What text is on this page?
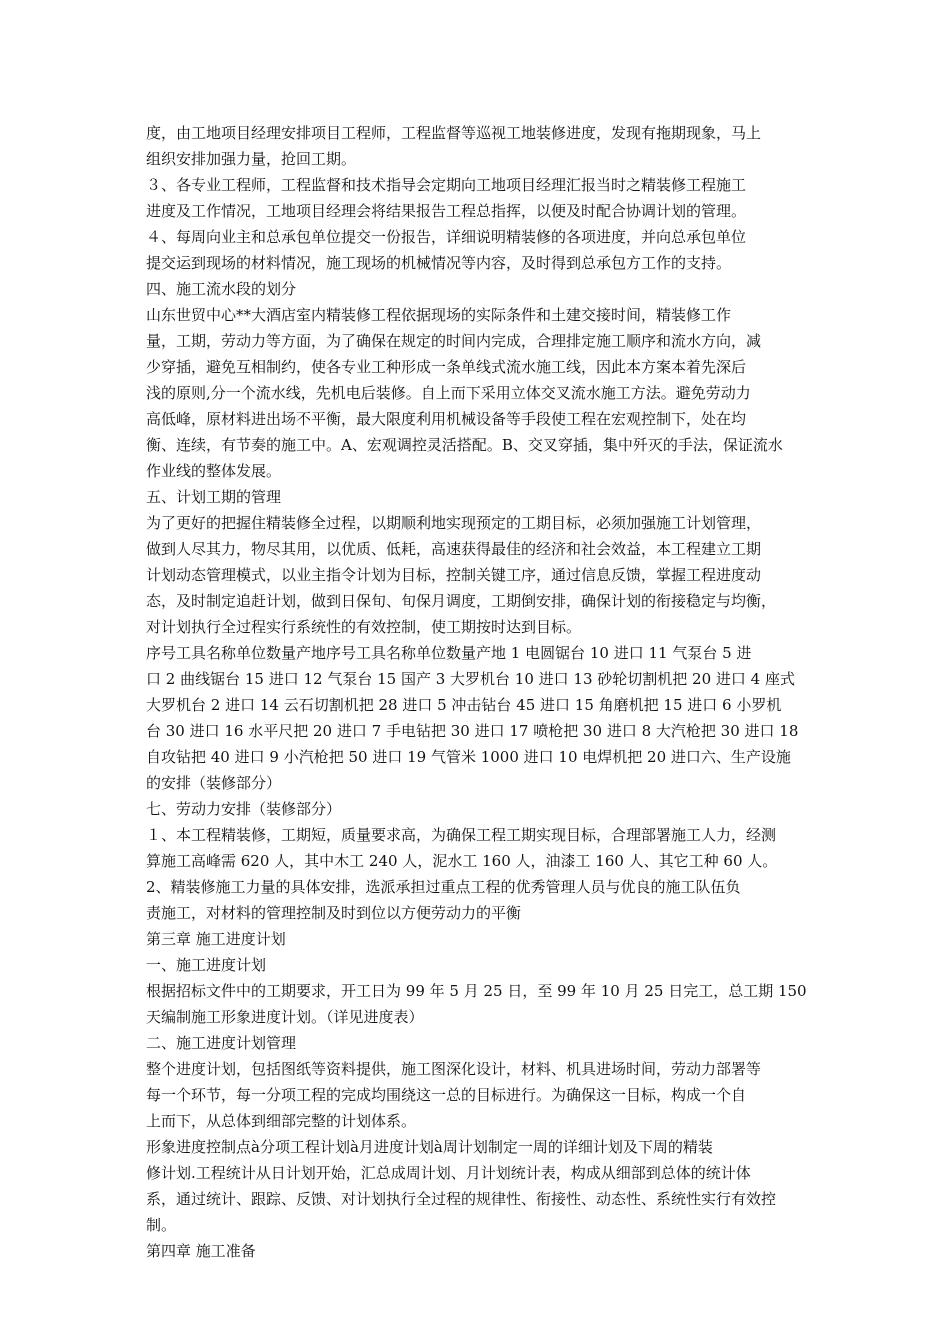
度，由工地项目经理安排项目工程师，工程监督等巡视工地装修进度，发现有拖期现象，马上
组织安排加强力量，抢回工期。
３、各专业工程师，工程监督和技术指导会定期向工地项目经理汇报当时之精装修工程施工
进度及工作情况，工地项目经理会将结果报告工程总指挥，以便及时配合协调计划的管理。
４、每周向业主和总承包单位提交一份报告，详细说明精装修的各项进度，并向总承包单位
提交运到现场的材料情况，施工现场的机械情况等内容，及时得到总承包方工作的支持。
四、施工流水段的划分
山东世贸中心**大酒店室内精装修工程依据现场的实际条件和土建交接时间，精装修工作
量，工期，劳动力等方面，为了确保在规定的时间内完成，合理排定施工顺序和流水方向，减
少穿插，避免互相制约，使各专业工种形成一条单线式流水施工线，因此本方案本着先深后
浅的原则,分一个流水线，先机电后装修。自上而下采用立体交叉流水施工方法。避免劳动力
高低峰，原材料进出场不平衡，最大限度利用机械设备等手段使工程在宏观控制下，处在均
衡、连续，有节奏的施工中。A、宏观调控灵活搭配。B、交叉穿插，集中歼灭的手法，保证流水
作业线的整体发展。
五、计划工期的管理
为了更好的把握住精装修全过程，以期顺利地实现预定的工期目标，必须加强施工计划管理，
做到人尽其力，物尽其用，以优质、低耗，高速获得最佳的经济和社会效益，本工程建立工期
计划动态管理模式，以业主指令计划为目标，控制关键工序，通过信息反馈，掌握工程进度动
态，及时制定追赶计划，做到日保旬、旬保月调度，工期倒安排，确保计划的衔接稳定与均衡，
对计划执行全过程实行系统性的有效控制，使工期按时达到目标。
序号工具名称单位数量产地序号工具名称单位数量产地 1 电圆锯台 10 进口 11 气泵台 5 进
口 2 曲线锯台 15 进口 12 气泵台 15 国产 3 大罗机台 10 进口 13 砂轮切割机把 20 进口 4 座式
大罗机台 2 进口 14 云石切割机把 28 进口 5 冲击钻台 45 进口 15 角磨机把 15 进口 6 小罗机
台 30 进口 16 水平尺把 20 进口 7 手电钻把 30 进口 17 喷枪把 30 进口 8 大汽枪把 30 进口 18
自攻钻把 40 进口 9 小汽枪把 50 进口 19 气管米 1000 进口 10 电焊机把 20 进口六、生产设施
的安排（装修部分）
七、劳动力安排（装修部分）
１、本工程精装修，工期短，质量要求高，为确保工程工期实现目标，合理部署施工人力，经测
算施工高峰需 620 人，其中木工 240 人，泥水工 160 人，油漆工 160 人、其它工种 60 人。
2、精装修施工力量的具体安排，选派承担过重点工程的优秀管理人员与优良的施工队伍负
责施工，对材料的管理控制及时到位以方便劳动力的平衡
第三章 施工进度计划
一、施工进度计划
根据招标文件中的工期要求，开工日为 99 年 5 月 25 日，至 99 年 10 月 25 日完工，总工期 150
天编制施工形象进度计划。（详见进度表）
二、施工进度计划管理
整个进度计划，包括图纸等资料提供，施工图深化设计，材料、机具进场时间，劳动力部署等
每一个环节，每一分项工程的完成均围绕这一总的目标进行。为确保这一目标，构成一个自
上而下，从总体到细部完整的计划体系。
形象进度控制点à分项工程计划à月进度计划à周计划制定一周的详细计划及下周的精装
修计划.工程统计从日计划开始，汇总成周计划、月计划统计表，构成从细部到总体的统计体
系，通过统计、跟踪、反馈、对计划执行全过程的规律性、衔接性、动态性、系统性实行有效控
制。
第四章 施工准备
